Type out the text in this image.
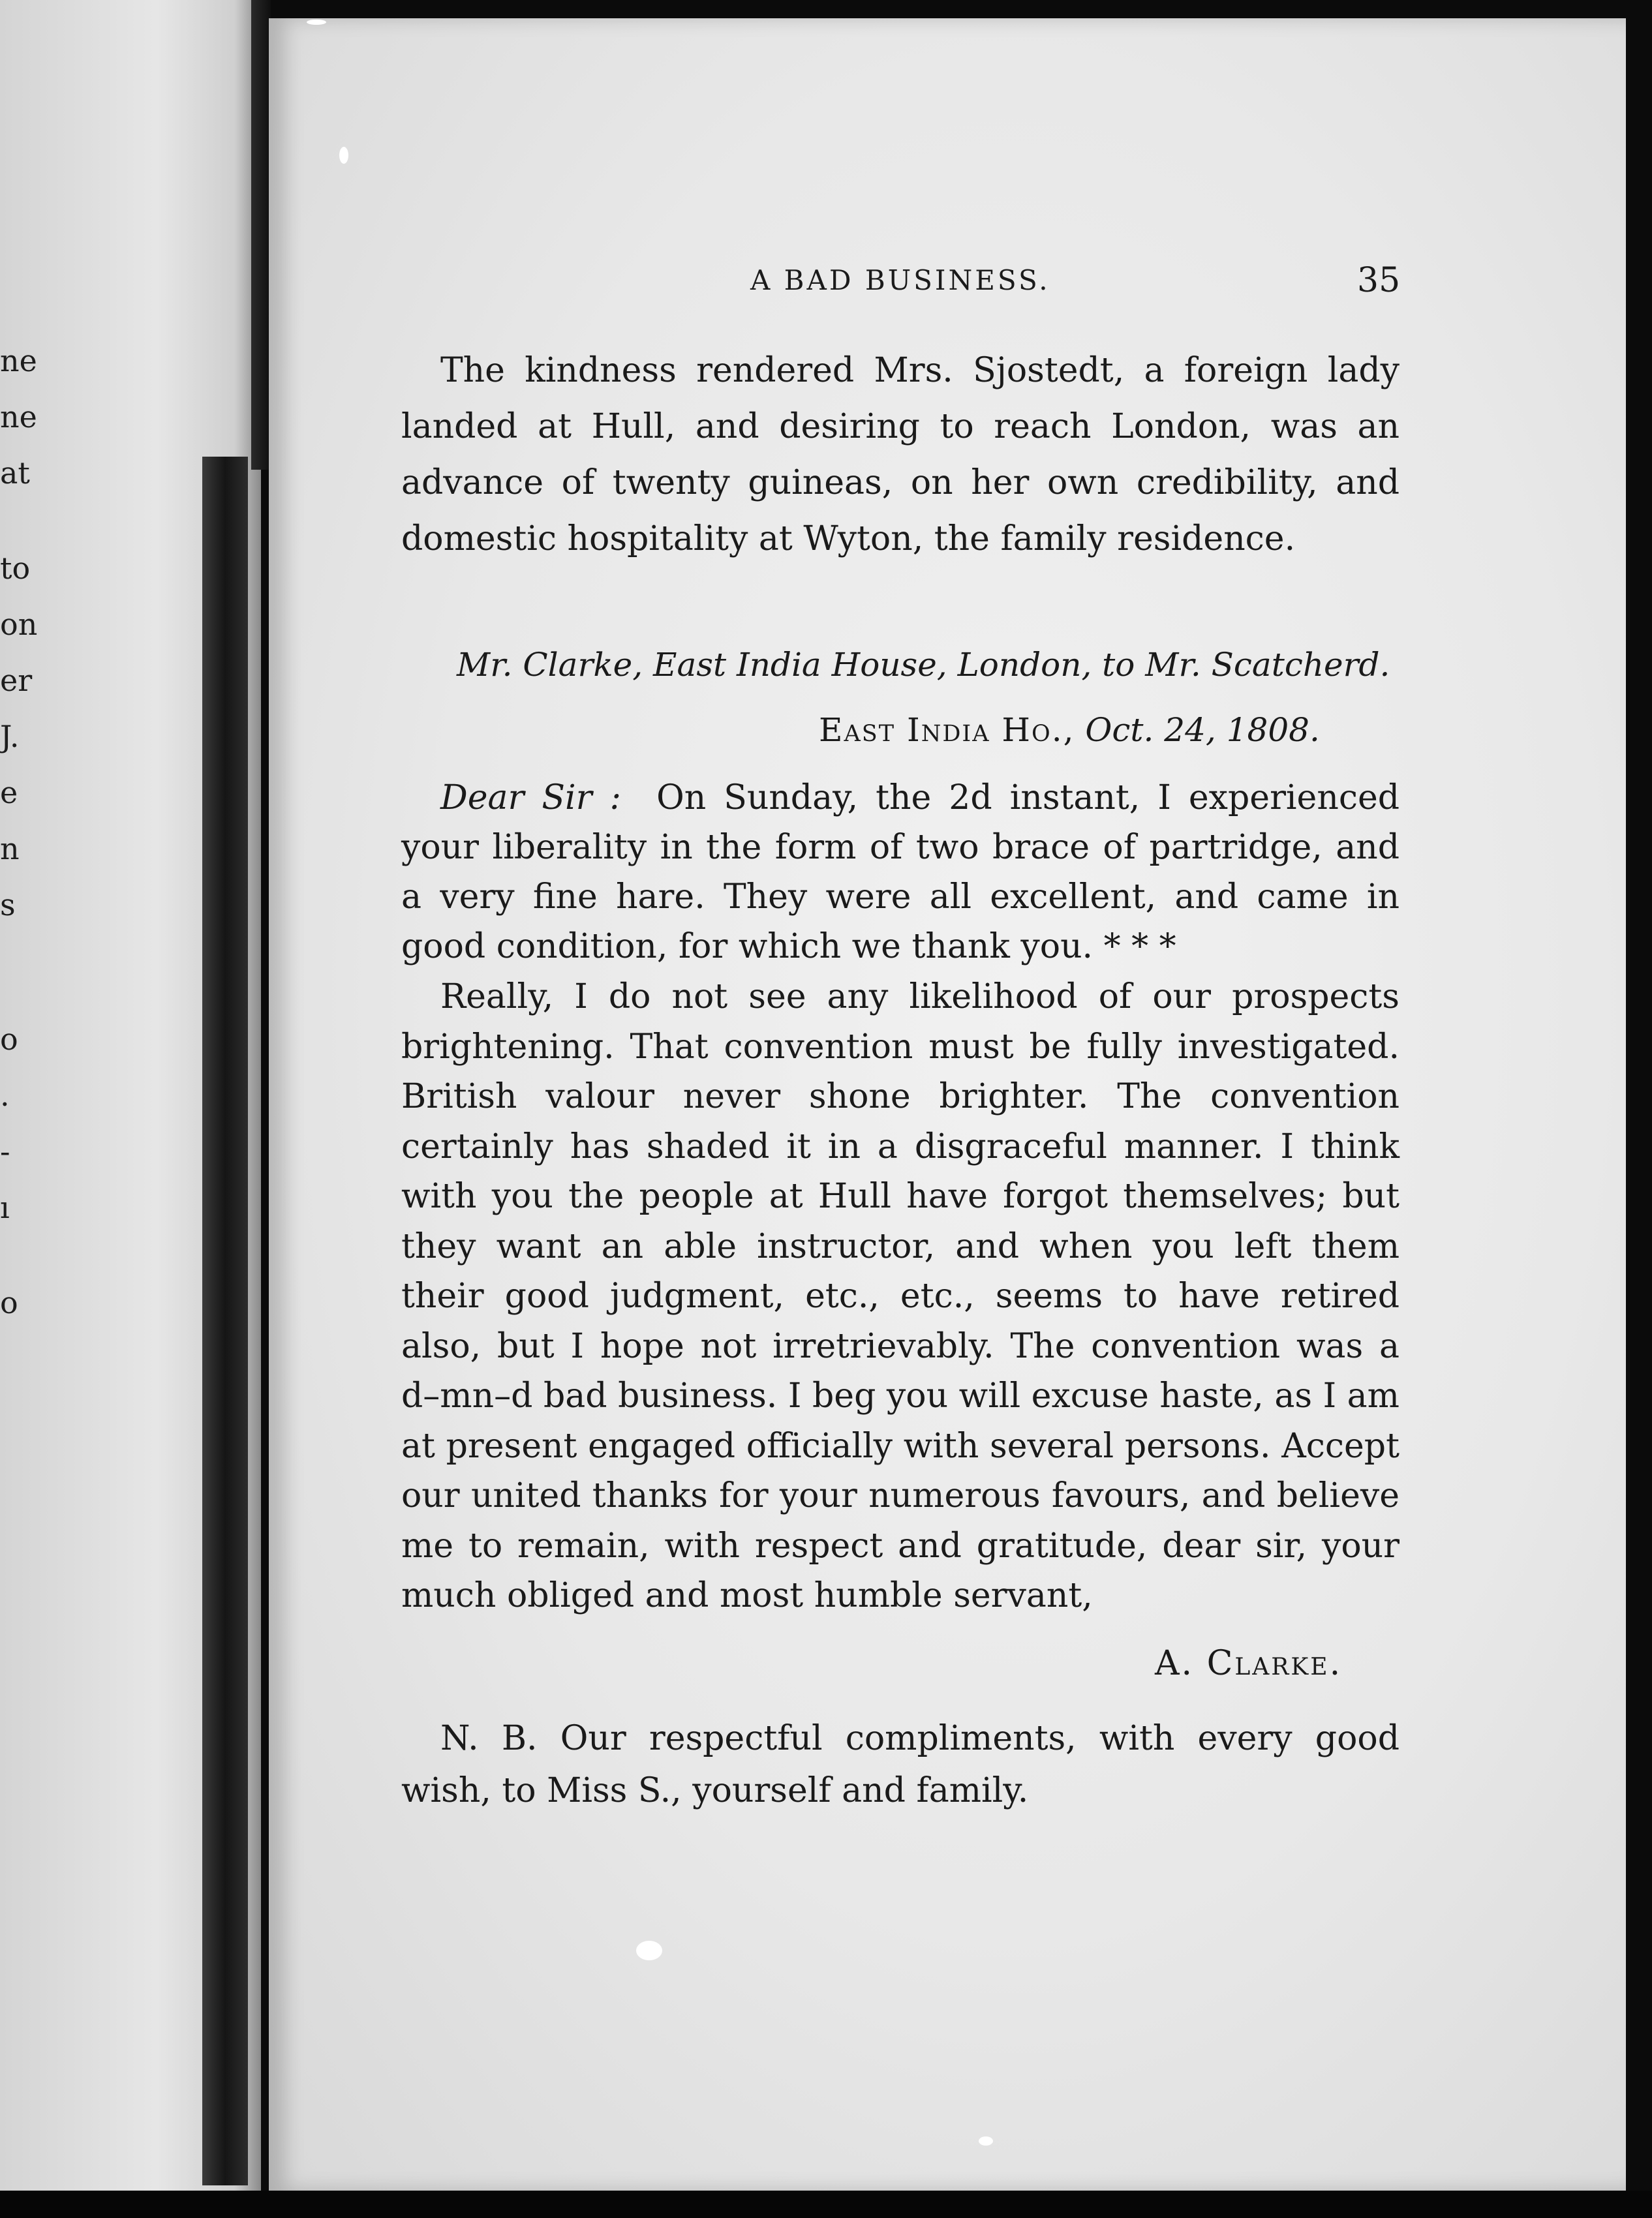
ne
ne
at
to
on
er
J.
e
n
s
o
.
-
ı
o
A BAD BUSINESS.	35

The kindness rendered Mrs. Sjostedt, a foreign lady landed at Hull, and desiring to reach London, was an advance of twenty guineas, on her own credibility, and domestic hospitality at Wyton, the family residence.

Mr. Clarke, East India House, London, to Mr. Scatcherd.
East India Ho., Oct. 24, 1808.

Dear Sir : On Sunday, the 2d instant, I experienced your liberality in the form of two brace of partridge, and a very fine hare. They were all excellent, and came in good condition, for which we thank you. * * *

Really, I do not see any likelihood of our prospects brightening. That convention must be fully investigated. British valour never shone brighter. The convention certainly has shaded it in a disgraceful manner. I think with you the people at Hull have forgot themselves; but they want an able instructor, and when you left them their good judgment, etc., etc., seems to have retired also, but I hope not irretrievably. The convention was a d–mn–d bad business. I beg you will excuse haste, as I am at present engaged officially with several persons. Accept our united thanks for your numerous favours, and believe me to remain, with respect and gratitude, dear sir, your much obliged and most humble servant,

A. Clarke.

N. B. Our respectful compliments, with every good wish, to Miss S., yourself and family.
